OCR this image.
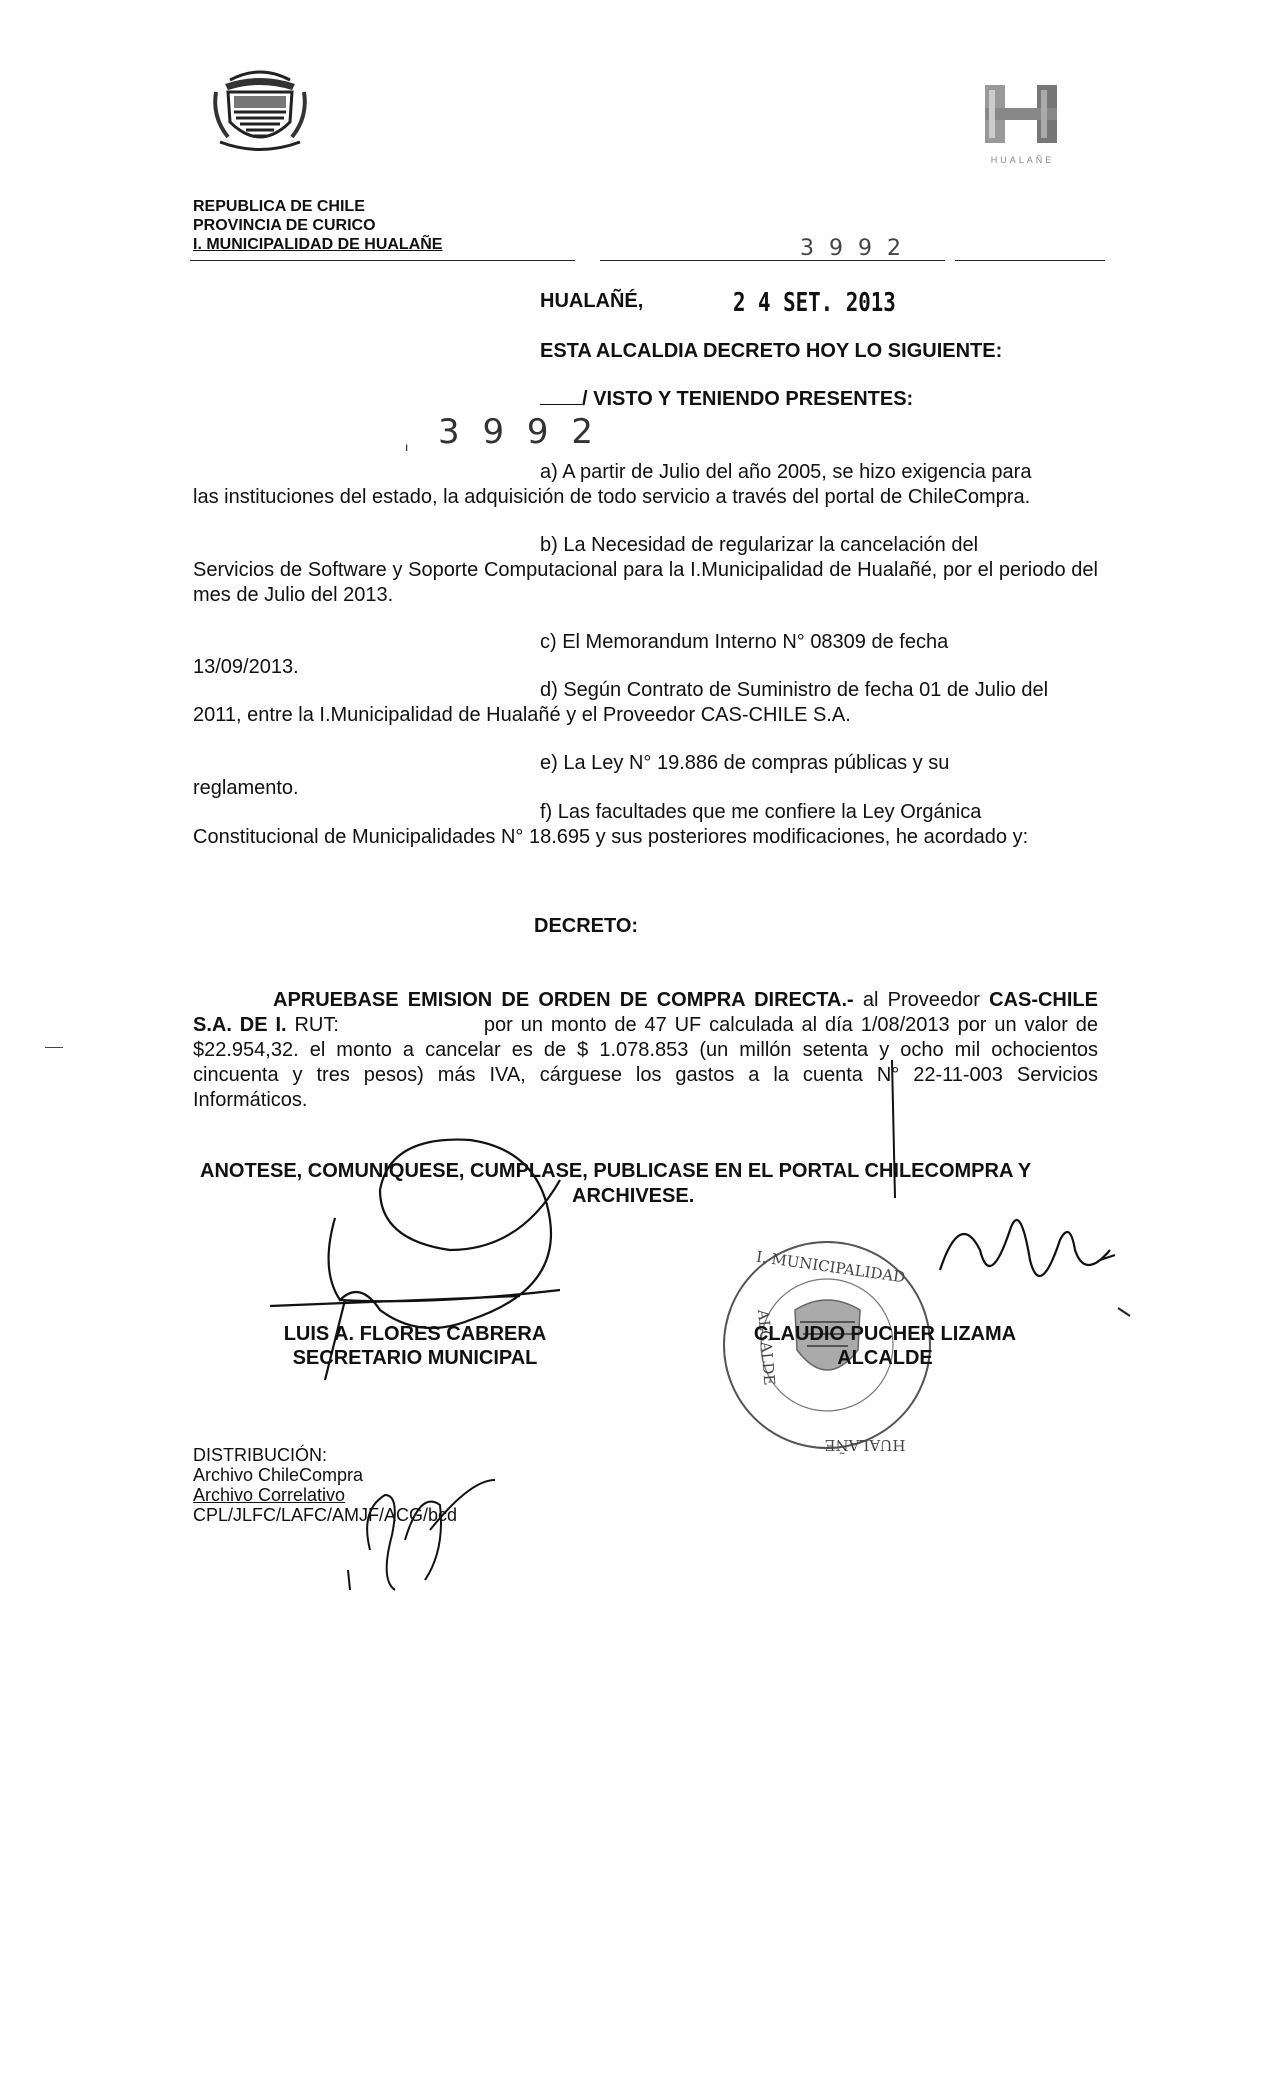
HUALAÑE
REPUBLICA DE CHILE
PROVINCIA DE CURICO
I. MUNICIPALIDAD DE HUALAÑE	3 9 9 2
HUALAÑÉ,	2 4 SET. 2013
ESTA ALCALDIA DECRETO HOY LO SIGUIENTE:
/ VISTO Y TENIENDO PRESENTES:
3 9 9 2
ı
a) A partir de Julio del año 2005, se hizo exigencia para
las instituciones del estado, la adquisición de todo servicio a través del portal de ChileCompra.
b) La Necesidad de regularizar la cancelación del
Servicios de Software y Soporte Computacional para la I.Municipalidad de Hualañé, por el periodo del mes de Julio del 2013.
c) El Memorandum Interno N° 08309 de fecha
13/09/2013.
d) Según Contrato de Suministro de fecha 01 de Julio del
2011, entre la I.Municipalidad de Hualañé y el Proveedor CAS-CHILE S.A.
e) La Ley N° 19.886 de compras públicas y su
reglamento.
f) Las facultades que me confiere la Ley Orgánica
Constitucional de Municipalidades N° 18.695 y sus posteriores modificaciones, he acordado y:
DECRETO:
APRUEBASE EMISION DE ORDEN DE COMPRA DIRECTA.- al Proveedor CAS-CHILE S.A. DE I. RUT:	por un monto de 47 UF calculada al día 1/08/2013 por un valor de $22.954,32. el monto a cancelar es de $ 1.078.853 (un millón setenta y ocho mil ochocientos cincuenta y tres pesos) más IVA, cárguese los gastos a la cuenta N° 22-11-003 Servicios Informáticos.
ANOTESE, COMUNIQUESE, CUMPLASE, PUBLICASE EN EL PORTAL CHILECOMPRA Y
ARCHIVESE.
I. MUNICIPALIDAD
ALCALDE
HUALAÑE
LUIS A. FLORES CABRERA
SECRETARIO MUNICIPAL
CLAUDIO PUCHER LIZAMA
ALCALDE
DISTRIBUCIÓN:
Archivo ChileCompra
Archivo Correlativo
CPL/JLFC/LAFC/AMJF/ACG/bcd
